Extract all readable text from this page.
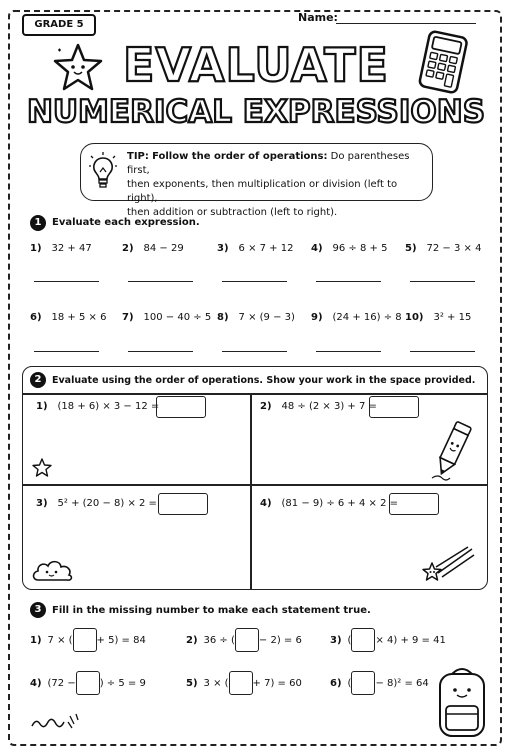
GRADE 5
Name:
EVALUATE
NUMERICAL EXPRESSIONS
TIP: Follow the order of operations: Do parentheses first,
then exponents, then multiplication or division (left to right),
then addition or subtraction (left to right).
1	Evaluate each expression.
1) 32 + 47	2) 84 − 29	3) 6 × 7 + 12 4) 96 ÷ 8 + 5 5) 72 − 3 × 4
6) 18 + 5 × 6 7) 100 − 40 ÷ 5 8) 7 × (9 − 3) 9) (24 + 16) ÷ 8 10) 3² + 15
2	Evaluate using the order of operations. Show your work in the space provided.
1) (18 + 6) × 3 − 12 =	2) 48 ÷ (2 × 3) + 7 =
3) 5² + (20 − 8) × 2 =	4) (81 − 9) ÷ 6 + 4 × 2 =
3	Fill in the missing number to make each statement true.
1) 7 × ( + 5) = 84	2) 36 ÷ ( − 2) = 6	3) ( × 4) + 9 = 41
4) (72 − ) ÷ 5 = 9	5) 3 × ( + 7) = 60	6) ( − 8)² = 64
